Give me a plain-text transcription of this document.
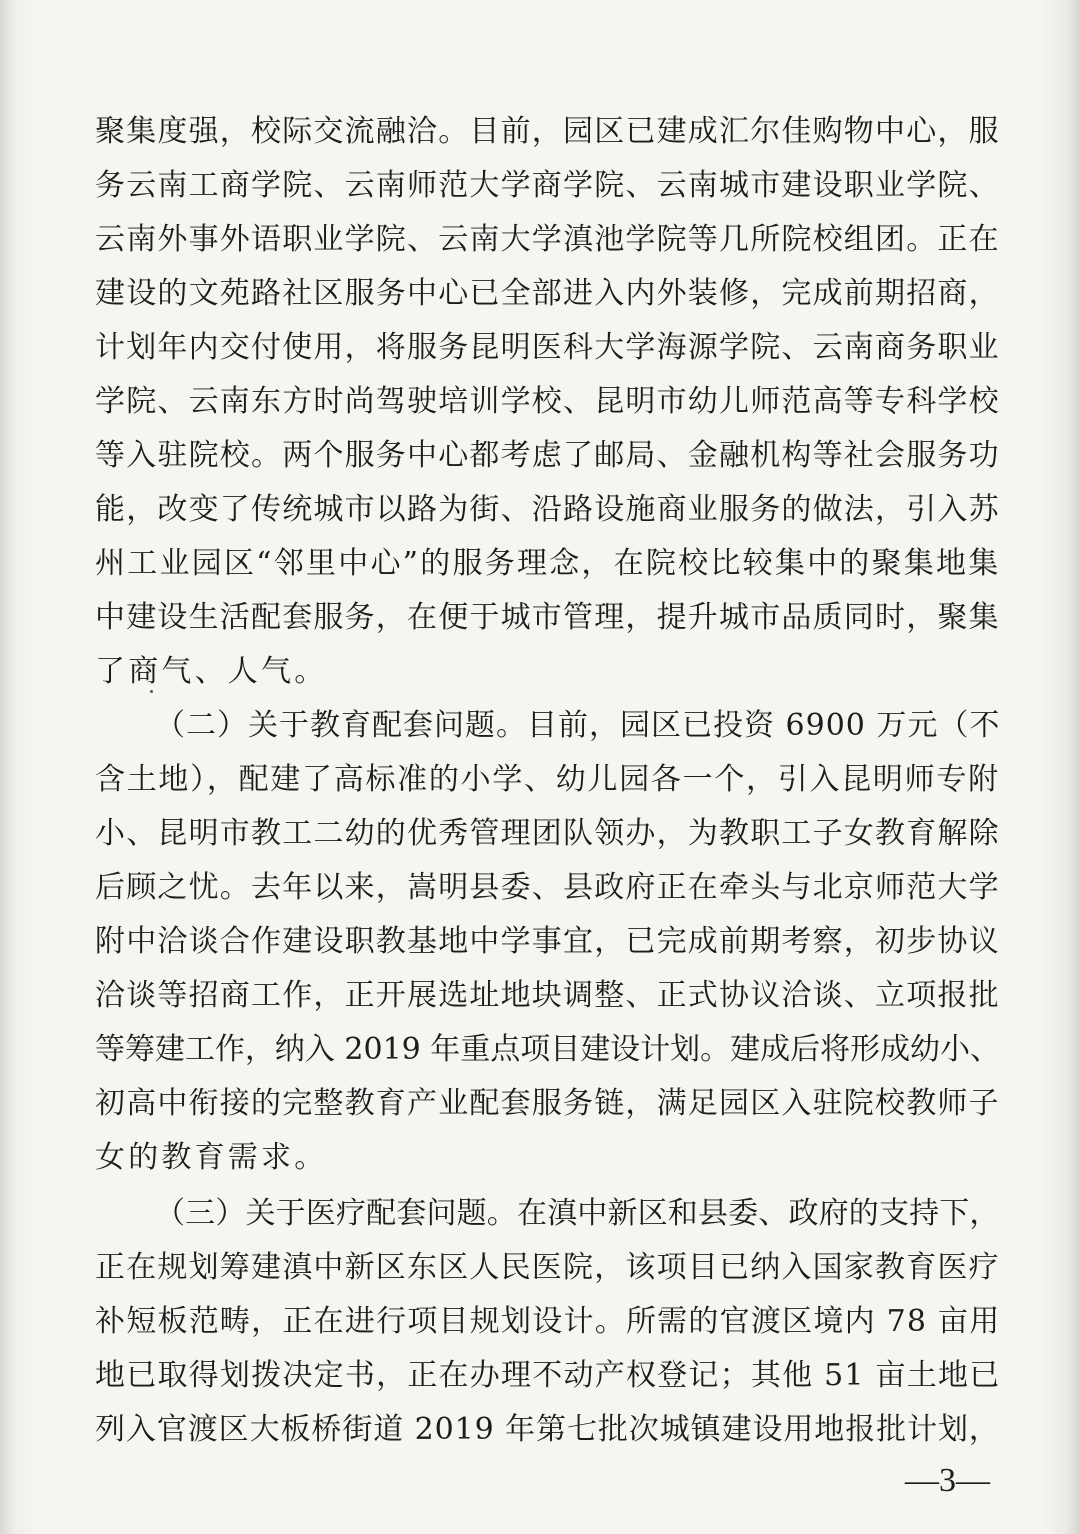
聚集度强，校际交流融洽。目前，园区已建成汇尔佳购物中心，服
务云南工商学院、云南师范大学商学院、云南城市建设职业学院、
云南外事外语职业学院、云南大学滇池学院等几所院校组团。正在
建设的文苑路社区服务中心已全部进入内外装修，完成前期招商，
计划年内交付使用，将服务昆明医科大学海源学院、云南商务职业
学院、云南东方时尚驾驶培训学校、昆明市幼儿师范高等专科学校
等入驻院校。两个服务中心都考虑了邮局、金融机构等社会服务功
能，改变了传统城市以路为街、沿路设施商业服务的做法，引入苏
州工业园区“邻里中心”的服务理念，在院校比较集中的聚集地集
中建设生活配套服务，在便于城市管理，提升城市品质同时，聚集
了商气、人气。
（二）关于教育配套问题。目前，园区已投资 6900 万元（不
含土地），配建了高标准的小学、幼儿园各一个，引入昆明师专附
小、昆明市教工二幼的优秀管理团队领办，为教职工子女教育解除
后顾之忧。去年以来，嵩明县委、县政府正在牵头与北京师范大学
附中洽谈合作建设职教基地中学事宜，已完成前期考察，初步协议
洽谈等招商工作，正开展选址地块调整、正式协议洽谈、立项报批
等筹建工作，纳入 2019 年重点项目建设计划。建成后将形成幼小、
初高中衔接的完整教育产业配套服务链，满足园区入驻院校教师子
女的教育需求。
（三）关于医疗配套问题。在滇中新区和县委、政府的支持下，
正在规划筹建滇中新区东区人民医院，该项目已纳入国家教育医疗
补短板范畴，正在进行项目规划设计。所需的官渡区境内 78 亩用
地已取得划拨决定书，正在办理不动产权登记；其他 51 亩土地已
列入官渡区大板桥街道 2019 年第七批次城镇建设用地报批计划，
—3—
